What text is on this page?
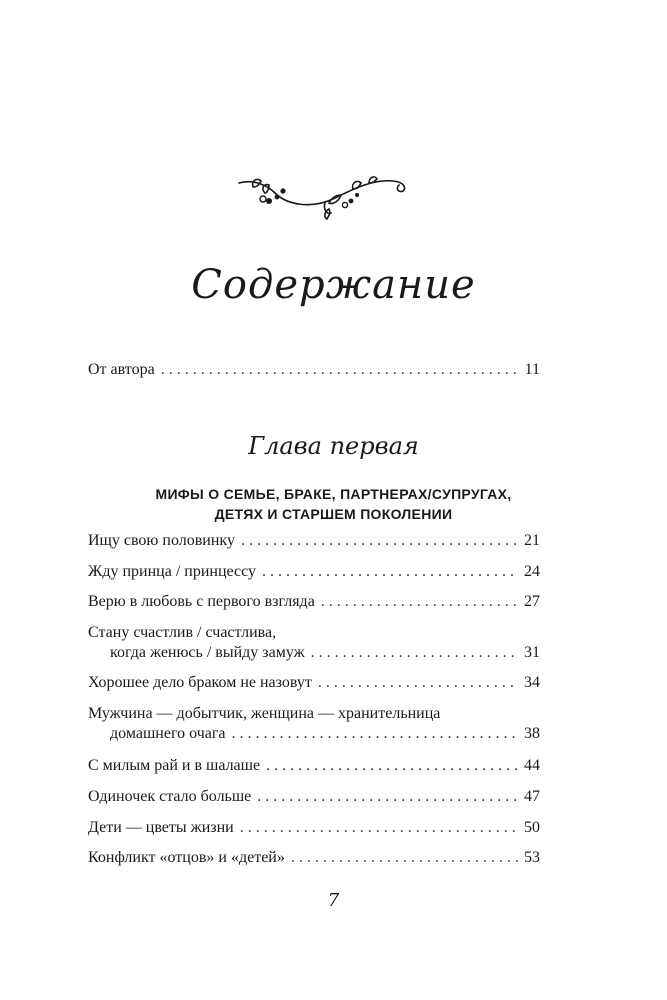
Содержание
От автора . . .	11
Глава первая
МИФЫ О СЕМЬЕ, БРАКЕ, ПАРТНЕРАХ/СУПРУГАХ,
ДЕТЯХ И СТАРШЕМ ПОКОЛЕНИИ
Ищу свою половинку . . .	21
Жду принца / принцессу . . .	24
Верю в любовь с первого взгляда . . .	27
Стану счастлив / счастлива,
когда женюсь / выйду замуж . . .	31
Хорошее дело браком не назовут . . .	34
Мужчина — добытчик, женщина — хранительница
домашнего очага . . .	38
С милым рай и в шалаше . . .	44
Одиночек стало больше . . .	47
Дети — цветы жизни . . .	50
Конфликт «отцов» и «детей» . . .	53
7
